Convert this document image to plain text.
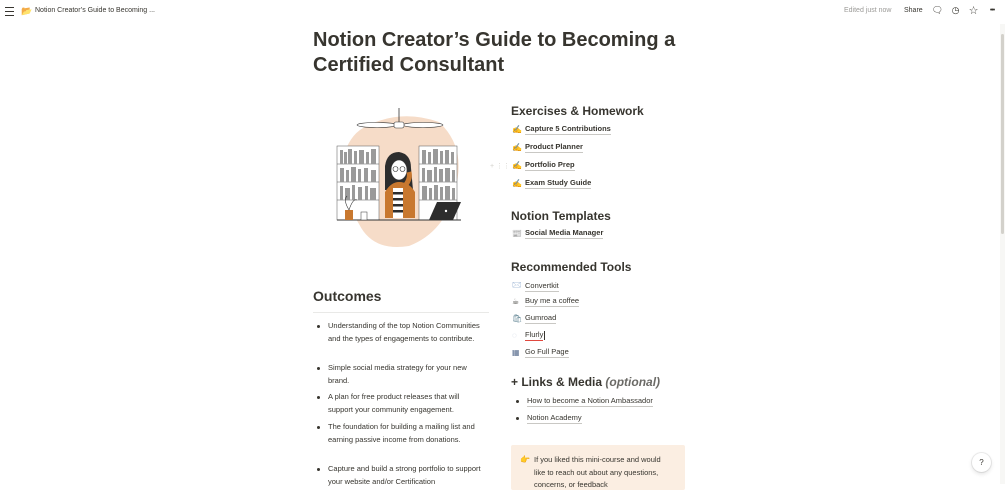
📂 Notion Creator’s Guide to Becoming ...	Edited just now Share 🗨 ◷ ☆	•••
Notion Creator’s Guide to Becoming a Certified Consultant
+ ⋮⋮
Exercises & Homework
✍️ Capture 5 Contributions
✍️ Product Planner
✍️ Portfolio Prep
✍️ Exam Study Guide
Notion Templates
📰 Social Media Manager
Recommended Tools
🖂 Convertkit
☕ Buy me a coffee
🛍 Gumroad
◌	Flurly
▦ Go Full Page
+ Links & Media (optional)
How to become a Notion Ambassador
Notion Academy
👉 If you liked this mini-course and would like to reach out about any questions, concerns, or feedback
Outcomes
Understanding of the top Notion Communities and the types of engagements to contribute.
Simple social media strategy for your new brand.
A plan for free product releases that will support your community engagement.
The foundation for building a mailing list and earning passive income from donations.
Capture and build a strong portfolio to support your website and/or Certification
?
